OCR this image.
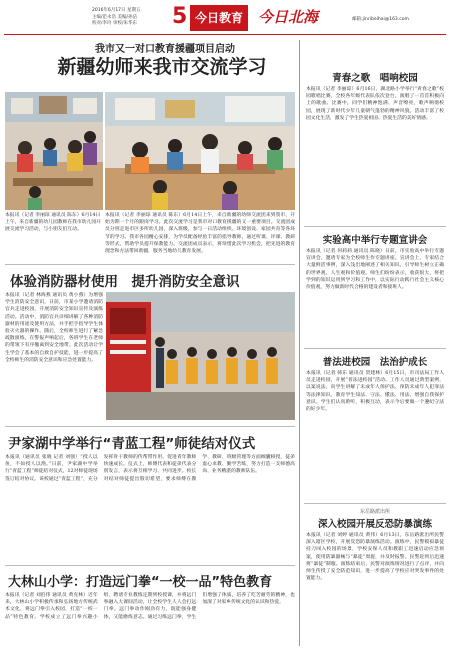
2016年6月17日 星期五
主编/范永浩 美编/孙洁
校对/李玲 审校/朱华东 5 今日教育	今日北海	邮箱:jinribeihai@163.com
我市又一对口教育援疆项目启动
新疆幼师来我市交流学习
本报讯（记者 李丽琼 通讯员 陈东）6月14日上午，来自新疆的幼儿园教师在我市幼儿园开展交流学习活动，与小朋友们互动。
本报讯（记者 李丽琼 通讯员 陈东）6月14日上午，来自新疆的幼师交流团来到我市，开始为期一个月的跟岗学习。此次交流学习是我市对口教育援疆的又一重要项目。交流团成员分别走进市区多所幼儿园，深入班级，参与一日活动组织、环境创设、家园共育等各环节的学习。我市各园精心安排，为学员配备经验丰富的指导教师，通过听课、评课、教研等形式，帮助学员提升保教能力。交流团成员表示，将珍惜此次学习机会，把先进的教育理念和方法带回新疆，服务当地幼儿教育发展。
体验消防器材使用　提升消防安全意识
本报讯（记者 林海燕 通讯员 黄小燕）为增强学生消防安全意识，日前，市某小学邀请消防官兵走进校园，开展消防安全知识宣传及演练活动。活动中，消防官兵详细讲解了各种消防器材的用途及使用方法，并手把手指导学生体验灭火器的操作。随后，全校师生进行了紧急疏散演练，在警报声响起后，各班学生在老师的带领下有序撤离到安全地带。此次活动让学生学会了基本的自救自护技能，进一步提高了全校师生的消防安全意识和应急处置能力。
尹家湖中学举行“青蓝工程”师徒结对仪式
本报讯（通讯员 张晓 记者 刘强）“授人以鱼，不如授人以渔。”日前，尹家湖中学举行“青蓝工程”师徒结对仪式，12对师徒现场签订结对协议。该校通过“青蓝工程”，充分发挥骨干教师的传帮带作用，促进青年教师快速成长。仪式上，师傅代表和徒弟代表分别发言，表示将互相学习、共同进步。校长对结对师徒提出殷切希望，要求师傅在教学、教研、班级管理等方面倾囊相授，徒弟虚心求教、勤学苦练，努力打造一支师德高尚、业务精湛的教师队伍。
大林山小学：打造远门拳“一校一品”特色教育
本报讯（记者 刘伯伟 通讯员 黄克林）近年来，大林山小学积极传承和弘扬地方传统武术文化，将远门拳引入校园，打造“一校一品”特色教育。学校成立了远门拳兴趣小组，聘请专业教练定期到校授课，并将远门拳融入大课间活动，让全校学生人人会打远门拳。远门拳动作刚劲有力，既能强身健体，又能磨炼意志。通过习练远门拳，学生们增强了体质，培养了吃苦耐劳的精神，也加深了对家乡传统文化的认识和热爱。
青春之歌　唱响校园
本报讯（记者 李丽琼）6月16日，湖北路小学举行“青春之歌”校园歌唱比赛。全校各年级代表队依次登台，演唱了一首首积极向上的歌曲。比赛中，同学们精神饱满、声音嘹亮，歌声响彻校园，展现了新时代少年儿童朝气蓬勃的精神风貌。活动丰富了校园文化生活，激发了学生热爱祖国、热爱生活的美好情感。
实验高中举行专题宣讲会
本报讯（记者 何莉莉 通讯员 陈晓）日前，市实验高中举行专题宣讲会，邀请专家为全校师生作专题讲座。宣讲会上，专家结合大量鲜活事例，深入浅出地阐述了相关知识，引导师生树立正确的世界观、人生观和价值观。师生们纷纷表示，收获很大，将把学到的知识运用到学习和工作中，以实际行动践行社会主义核心价值观，努力做新时代合格的建设者和接班人。
普法进校园　法治护成长
本报讯（记者 韩东 通讯员 贺建林）6月15日，市司法局工作人员走进校园，开展“普法进校园”活动。工作人员通过典型案例，以案说法，向学生讲解了未成年人保护法、预防未成年人犯罪法等法律知识，教育学生知法、守法、懂法、用法，增强自我保护意识。学生们认真聆听，积极互动，表示今后要做一个遵纪守法的好少年。
东岳路派出所
深入校园开展反恐防暴演练
本报讯（记者 刘婷 通讯员 黄伟）6月13日，东岳路派出所民警深入辖区学校，开展反恐防暴演练活动。演练中，民警模拟暴徒持刀闯入校园的场景，学校安保人员和教职工迅速启动应急预案，使用防暴器械与“暴徒”周旋，并及时报警。民警赶到后迅速将“暴徒”制服。演练结束后，民警对演练情况进行了点评，并向师生传授了安全防范知识，进一步提高了学校应对突发事件的处置能力。
